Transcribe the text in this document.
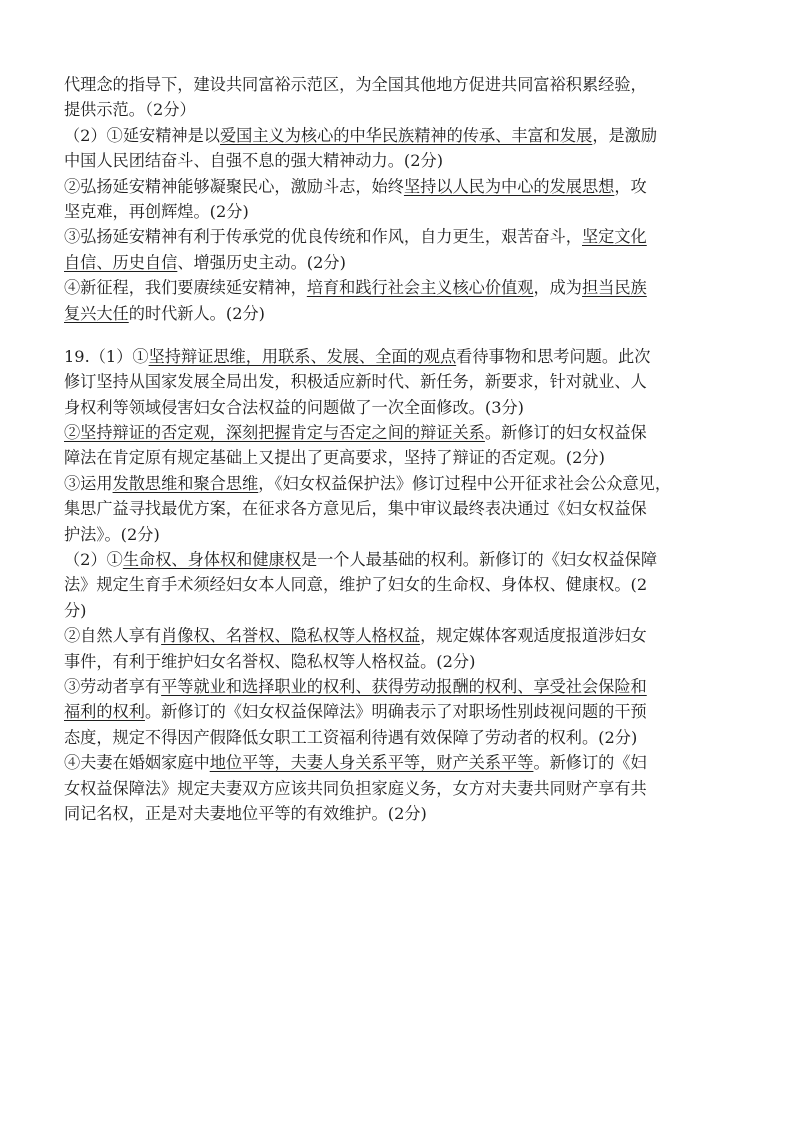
代理念的指导下，建设共同富裕示范区，为全国其他地方促进共同富裕积累经验，
提供示范。（2分）
（2）①延安精神是以爱国主义为核心的中华民族精神的传承、丰富和发展，是激励
中国人民团结奋斗、自强不息的强大精神动力。(2分)
②弘扬延安精神能够凝聚民心，激励斗志，始终坚持以人民为中心的发展思想，攻
坚克难，再创辉煌。(2分)
③弘扬延安精神有利于传承党的优良传统和作风，自力更生，艰苦奋斗，坚定文化
自信、历史自信、增强历史主动。(2分)
④新征程，我们要赓续延安精神，培育和践行社会主义核心价值观，成为担当民族
复兴大任的时代新人。(2分)
19.（1）①坚持辩证思维，用联系、发展、全面的观点看待事物和思考问题。此次
修订坚持从国家发展全局出发，积极适应新时代、新任务，新要求，针对就业、人
身权利等领域侵害妇女合法权益的问题做了一次全面修改。(3分)
②坚持辩证的否定观，深刻把握肯定与否定之间的辩证关系。新修订的妇女权益保
障法在肯定原有规定基础上又提出了更高要求，坚持了辩证的否定观。(2分)
③运用发散思维和聚合思维，《妇女权益保护法》修订过程中公开征求社会公众意见，
集思广益寻找最优方案，在征求各方意见后，集中审议最终表决通过《妇女权益保
护法》。(2分)
（2）①生命权、身体权和健康权是一个人最基础的权利。新修订的《妇女权益保障
法》规定生育手术须经妇女本人同意，维护了妇女的生命权、身体权、健康权。(2
分)
②自然人享有肖像权、名誉权、隐私权等人格权益，规定媒体客观适度报道涉妇女
事件，有利于维护妇女名誉权、隐私权等人格权益。(2分)
③劳动者享有平等就业和选择职业的权利、获得劳动报酬的权利、享受社会保险和
福利的权利。新修订的《妇女权益保障法》明确表示了对职场性别歧视问题的干预
态度，规定不得因产假降低女职工工资福利待遇有效保障了劳动者的权利。(2分)
④夫妻在婚姻家庭中地位平等，夫妻人身关系平等，财产关系平等。新修订的《妇
女权益保障法》规定夫妻双方应该共同负担家庭义务，女方对夫妻共同财产享有共
同记名权，正是对夫妻地位平等的有效维护。(2分)
